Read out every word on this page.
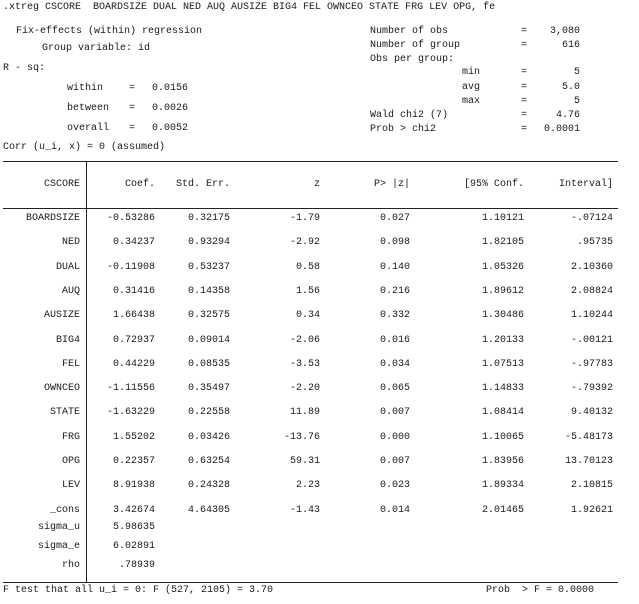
.xtreg CSCORE  BOARDSIZE DUAL NED AUQ AUSIZE BIG4 FEL OWNCEO STATE FRG LEV OPG, fe
Fix-effects (within) regression
Group variable: id
R - sq:
within	= 0.0156
between = 0.0026
overall = 0.0052
Corr (u_i, x) = 0 (assumed)
Number of obs	=	3,080
Number of group	=	616
Obs per group:
min	=	5
avg	=	5.0
max	=	5
Wald chi2 (7)	=	4.76
Prob > chi2	=	0.0001
CSCORE	Coef.	Std. Err.	z	P> |z|	[95% Conf.	Interval]
BOARDSIZE	-0.53286	0.32175	-1.79	0.027	1.10121	-.07124
NED	0.34237	0.93294	-2.92	0.098	1.82105	.95735
DUAL	-0.11908	0.53237	0.58	0.140	1.05326	2.10360
AUQ	0.31416	0.14358	1.56	0.216	1.89612	2.08824
AUSIZE	1.66438	0.32575	0.34	0.332	1.30486	1.10244
BIG4	0.72937	0.09014	-2.06	0.016	1.20133	-.00121
FEL	0.44229	0.08535	-3.53	0.034	1.07513	-.97783
OWNCEO	-1.11556	0.35497	-2.20	0.065	1.14833	-.79392
STATE	-1.63229	0.22558	11.89	0.007	1.08414	9.40132
FRG	1.55202	0.03426	-13.76	0.000	1.10065	-5.48173
OPG	0.22357	0.63254	59.31	0.007	1.83956	13.70123
LEV	8.91938	0.24328	2.23	0.023	1.89334	2.10815
_cons	3.42674	4.64305	-1.43	0.014	2.01465	1.92621
sigma_u	5.98635
sigma_e	6.02891
rho	.78939
F test that all u_i = 0: F (527, 2105) = 3.70	Prob  > F = 0.0000
